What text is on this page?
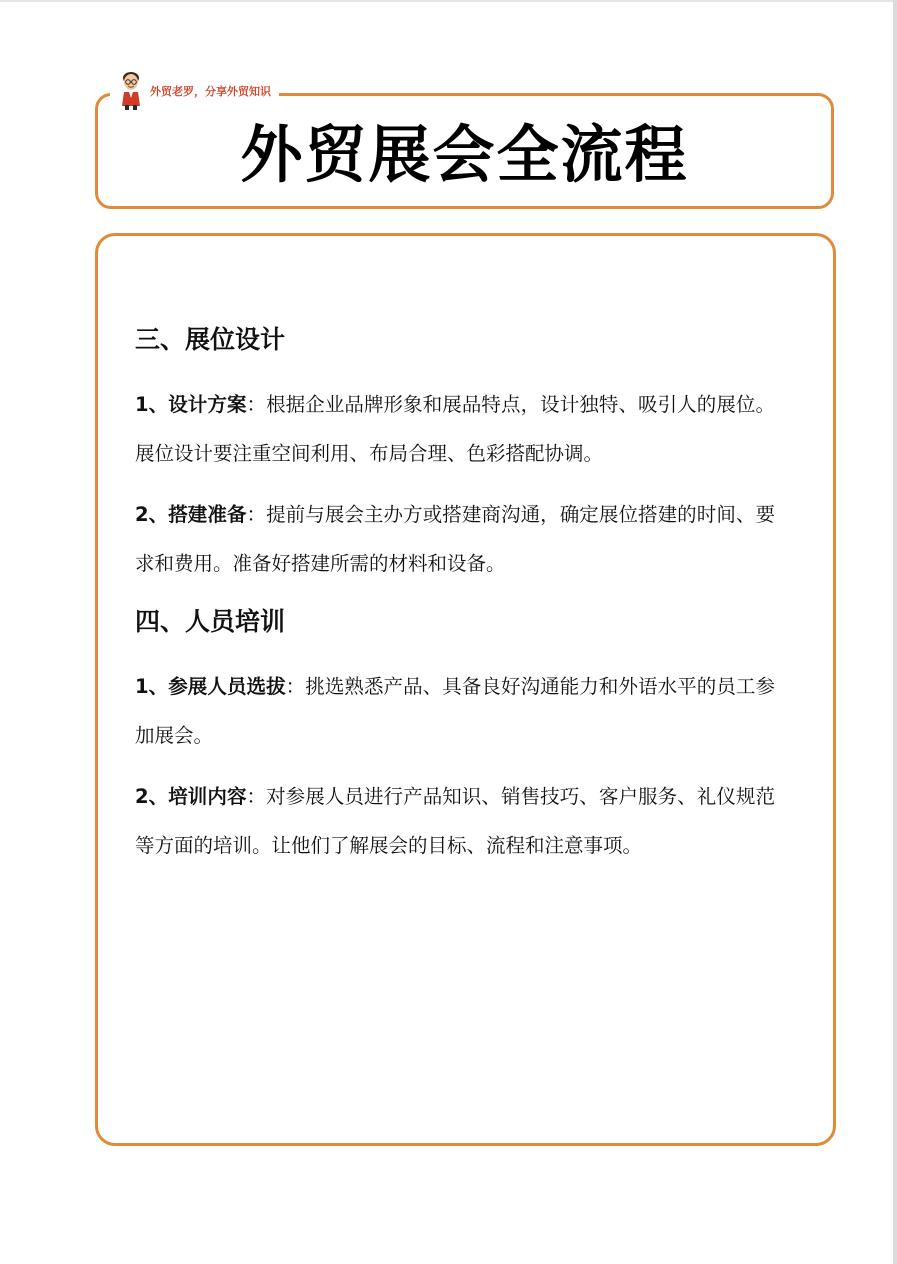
外贸老罗，分享外贸知识
外贸展会全流程
三、展位设计

1、设计方案：根据企业品牌形象和展品特点，设计独特、吸引人的展位。展位设计要注重空间利用、布局合理、色彩搭配协调。

2、搭建准备：提前与展会主办方或搭建商沟通，确定展位搭建的时间、要求和费用。准备好搭建所需的材料和设备。

四、人员培训

1、参展人员选拔：挑选熟悉产品、具备良好沟通能力和外语水平的员工参加展会。

2、培训内容：对参展人员进行产品知识、销售技巧、客户服务、礼仪规范等方面的培训。让他们了解展会的目标、流程和注意事项。
